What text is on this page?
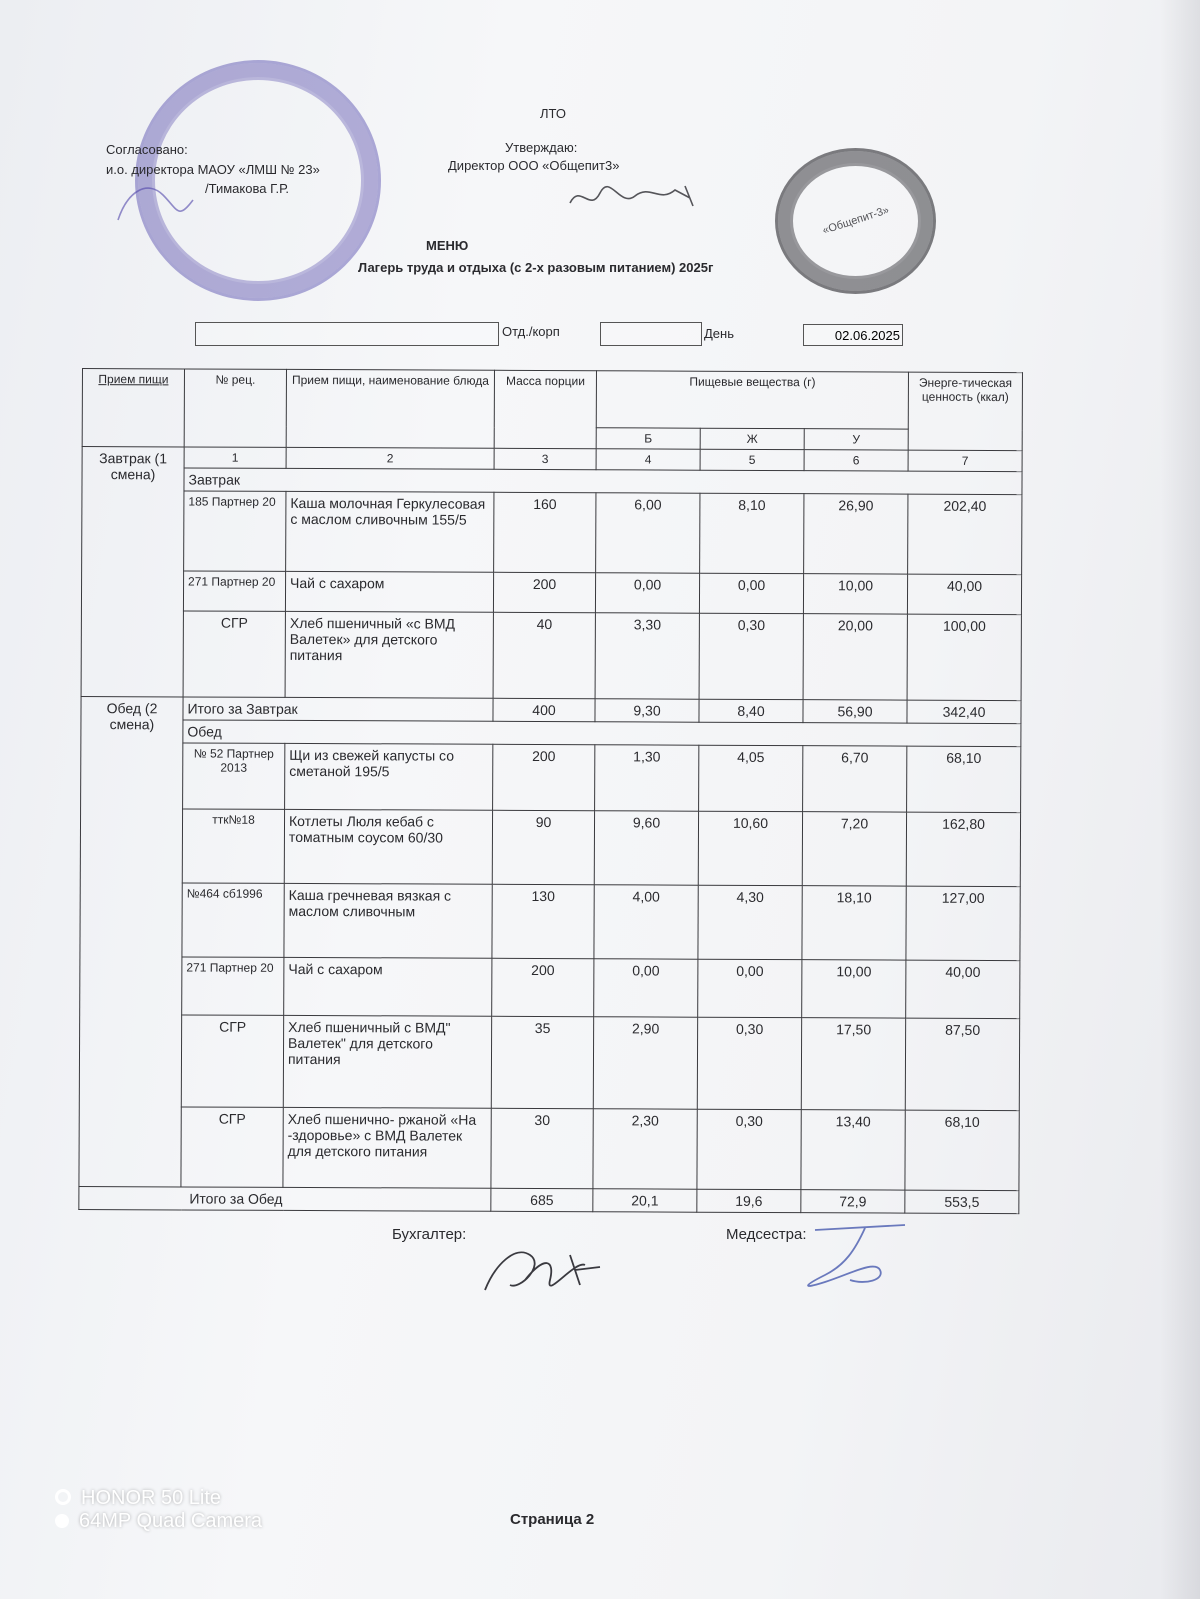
«Общепит-3»
ЛТО
Согласовано:
и.о. директора МАОУ «ЛМШ № 23»
/Тимакова Г.Р.
Утверждаю:
Директор ООО «Общепит3»
МЕНЮ
Лагерь труда и отдыха (с 2-х разовым питанием) 2025г
Отд./корп	День	02.06.2025
Прием пищи	№ рец.	Прием пищи, наименование блюда	Масса порции	Пищевые вещества (г)			Энерге-тическая ценность (ккал)
				Б	Ж	У	
Завтрак (1 смена)	1	2	3	4	5	6	7
	Завтрак						
	185 Партнер 20	Каша молочная Геркулесовая с маслом сливочным 155/5	160	6,00	8,10	26,90	202,40
	271 Партнер 20	Чай с сахаром	200	0,00	0,00	10,00	40,00
	СГР	Хлеб пшеничный «с ВМД Валетек» для детского питания	40	3,30	0,30	20,00	100,00
Обед (2 смена)	Итого за Завтрак		400	9,30	8,40	56,90	342,40
	Обед						
	№ 52 Партнер 2013	Щи из свежей капусты со сметаной 195/5	200	1,30	4,05	6,70	68,10
	ттк№18	Котлеты Люля кебаб с томатным соусом 60/30	90	9,60	10,60	7,20	162,80
	№464 сб1996	Каша гречневая вязкая с маслом сливочным	130	4,00	4,30	18,10	127,00
	271 Партнер 20	Чай с сахаром	200	0,00	0,00	10,00	40,00
	СГР	Хлеб пшеничный с ВМД" Валетек" для детского питания	35	2,90	0,30	17,50	87,50
	СГР	Хлеб пшенично- ржаной «На -здоровье» с ВМД Валетек для детского питания	30	2,30	0,30	13,40	68,10
Итого за Обед			685	20,1	19,6	72,9	553,5
Бухгалтер:	Медсестра:
Страница 2
HONOR 50 Lite
64MP Quad Camera
